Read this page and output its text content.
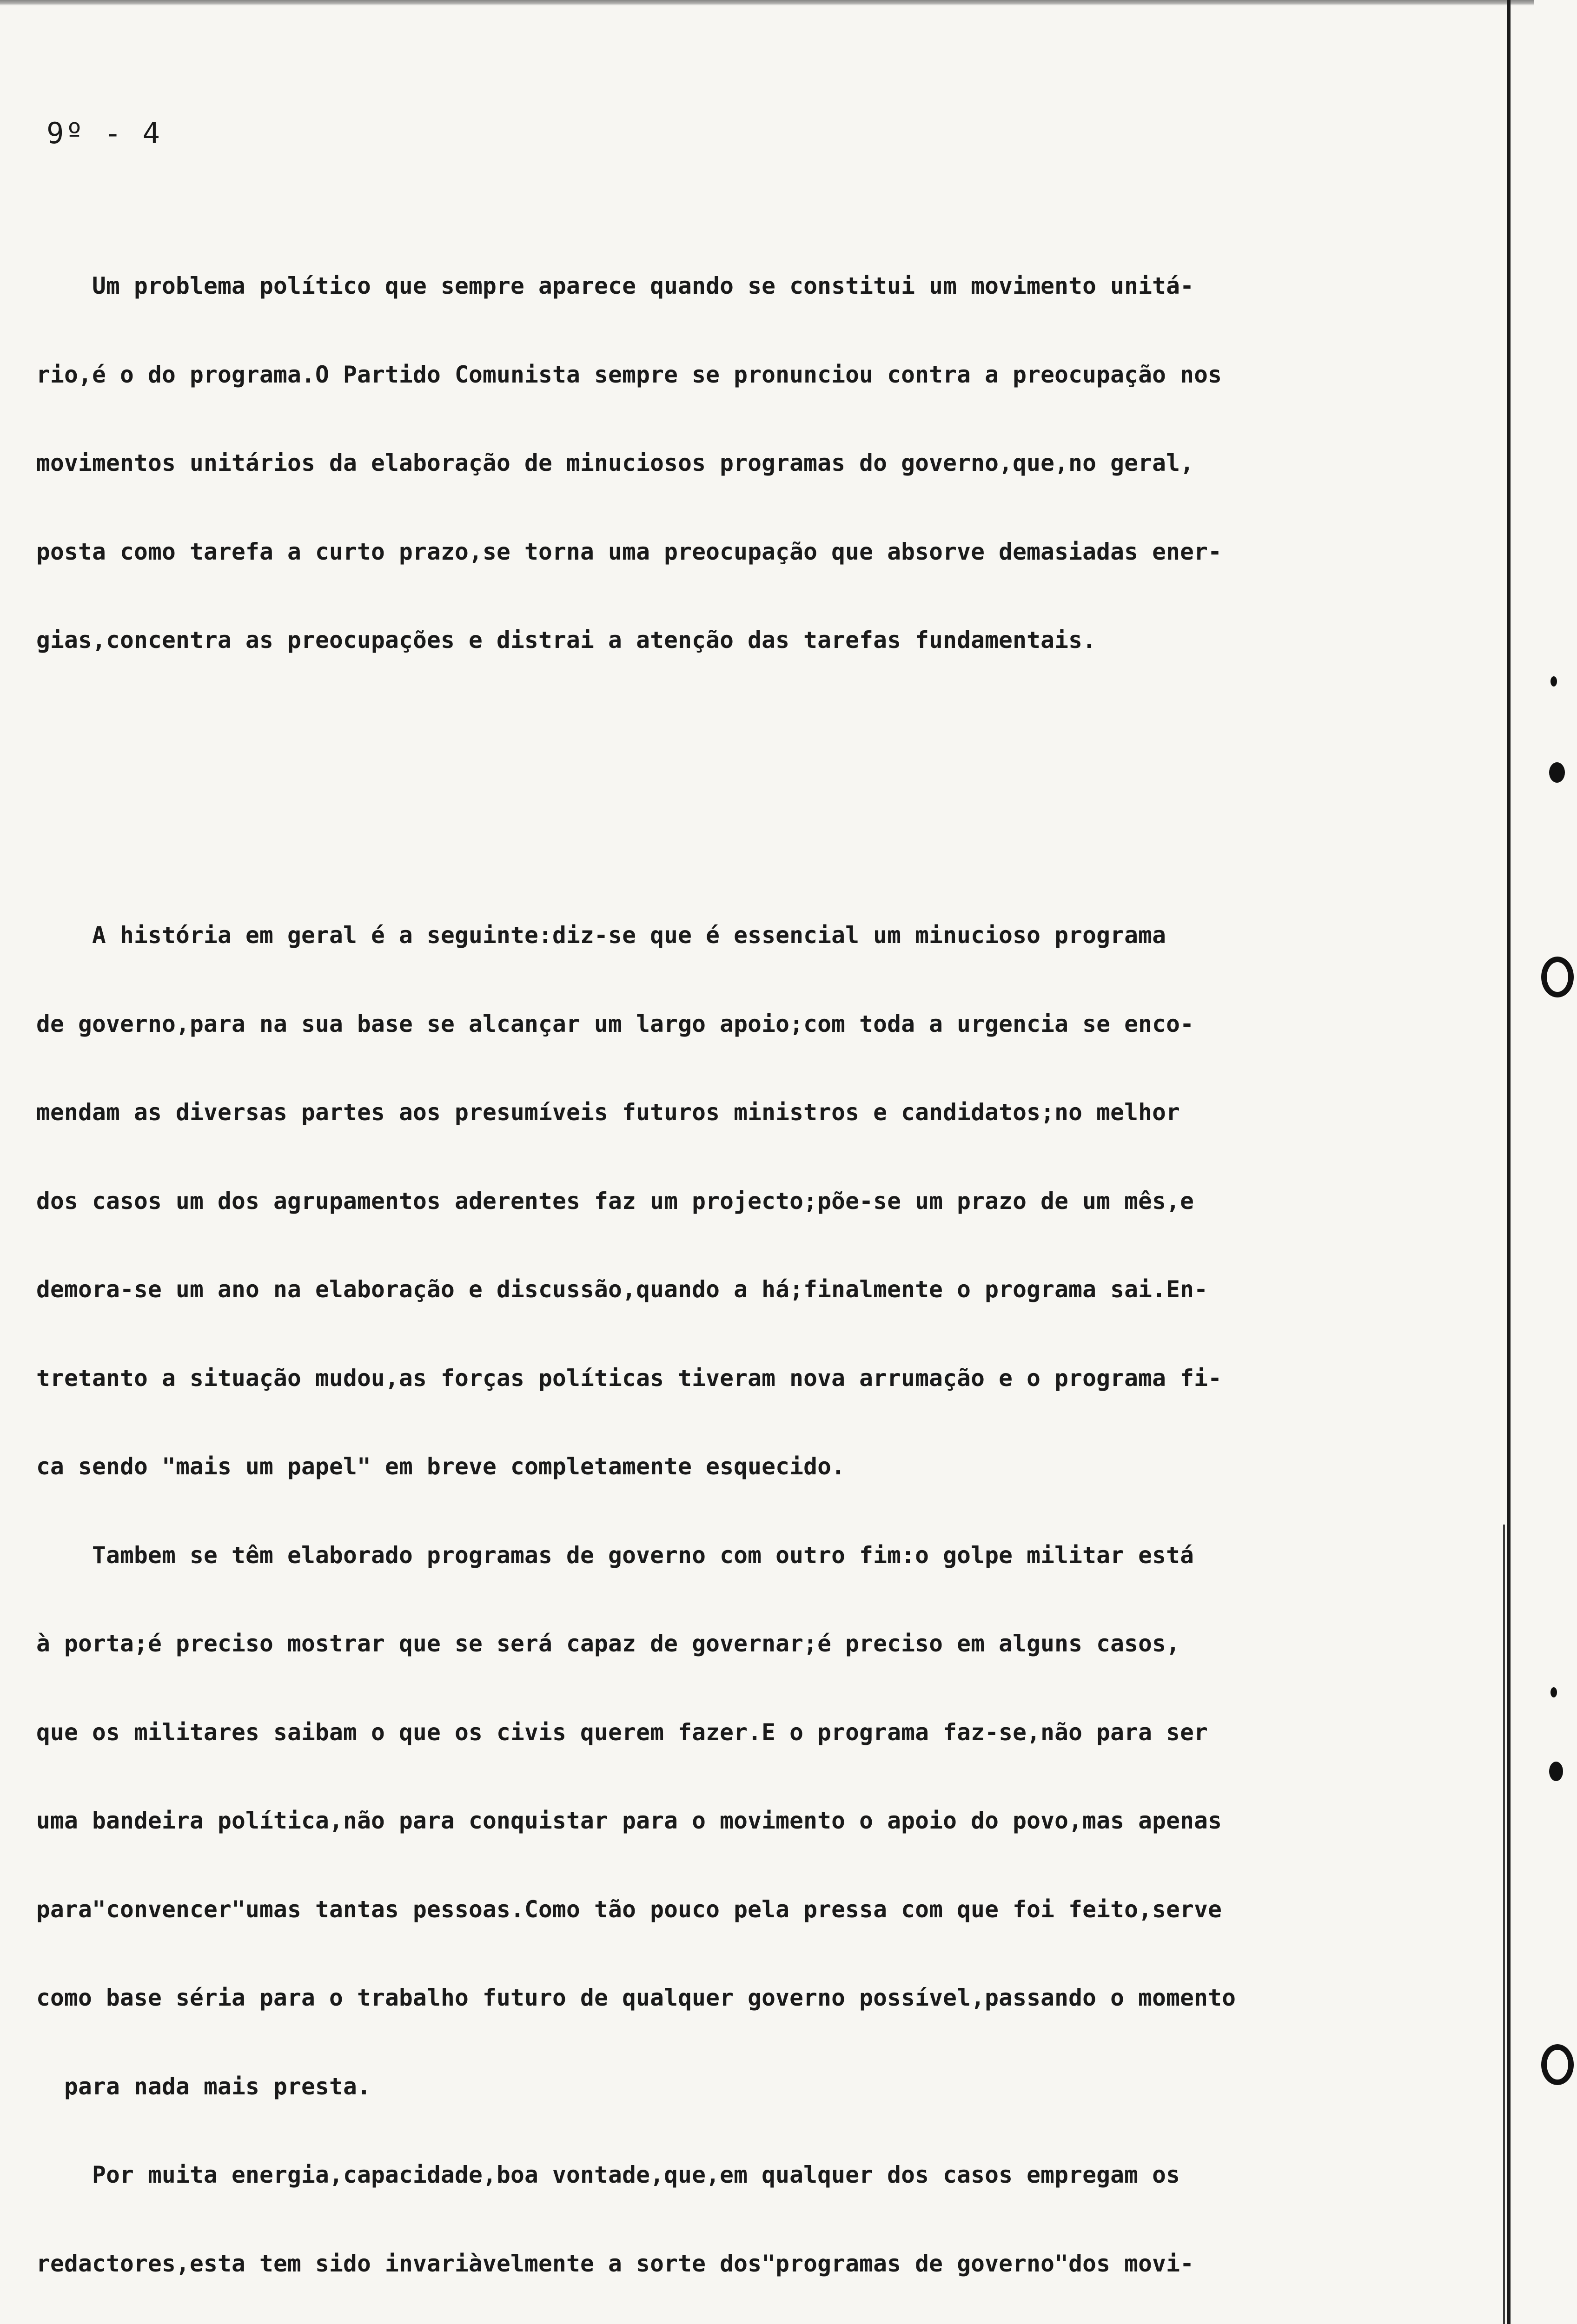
9º - 4

Um problema político que sempre aparece quando se constitui um movimento unitá-

rio,é o do programa.O Partido Comunista sempre se pronunciou contra a preocupação nos

movimentos unitários da elaboração de minuciosos programas do governo,que,no geral,

posta como tarefa a curto prazo,se torna uma preocupação que absorve demasiadas ener-

gias,concentra as preocupações e distrai a atenção das tarefas fundamentais.

A história em geral é a seguinte:diz-se que é essencial um minucioso programa

de governo,para na sua base se alcançar um largo apoio;com toda a urgencia se enco-

mendam as diversas partes aos presumíveis futuros ministros e candidatos;no melhor

dos casos um dos agrupamentos aderentes faz um projecto;põe-se um prazo de um mês,e

demora-se um ano na elaboração e discussão,quando a há;finalmente o programa sai.En-

tretanto a situação mudou,as forças políticas tiveram nova arrumação e o programa fi-

ca sendo "mais um papel" em breve completamente esquecido.

Tambem se têm elaborado programas de governo com outro fim:o golpe militar está

à porta;é preciso mostrar que se será capaz de governar;é preciso em alguns casos,

que os militares saibam o que os civis querem fazer.E o programa faz-se,não para ser

uma bandeira política,não para conquistar para o movimento o apoio do povo,mas apenas

para"convencer"umas tantas pessoas.Como tão pouco pela pressa com que foi feito,serve

como base séria para o trabalho futuro de qualquer governo possível,passando o momento

para nada mais presta.

Por muita energia,capacidade,boa vontade,que,em qualquer dos casos empregam os

redactores,esta tem sido invariàvelmente a sorte dos"programas de governo"dos movi-
